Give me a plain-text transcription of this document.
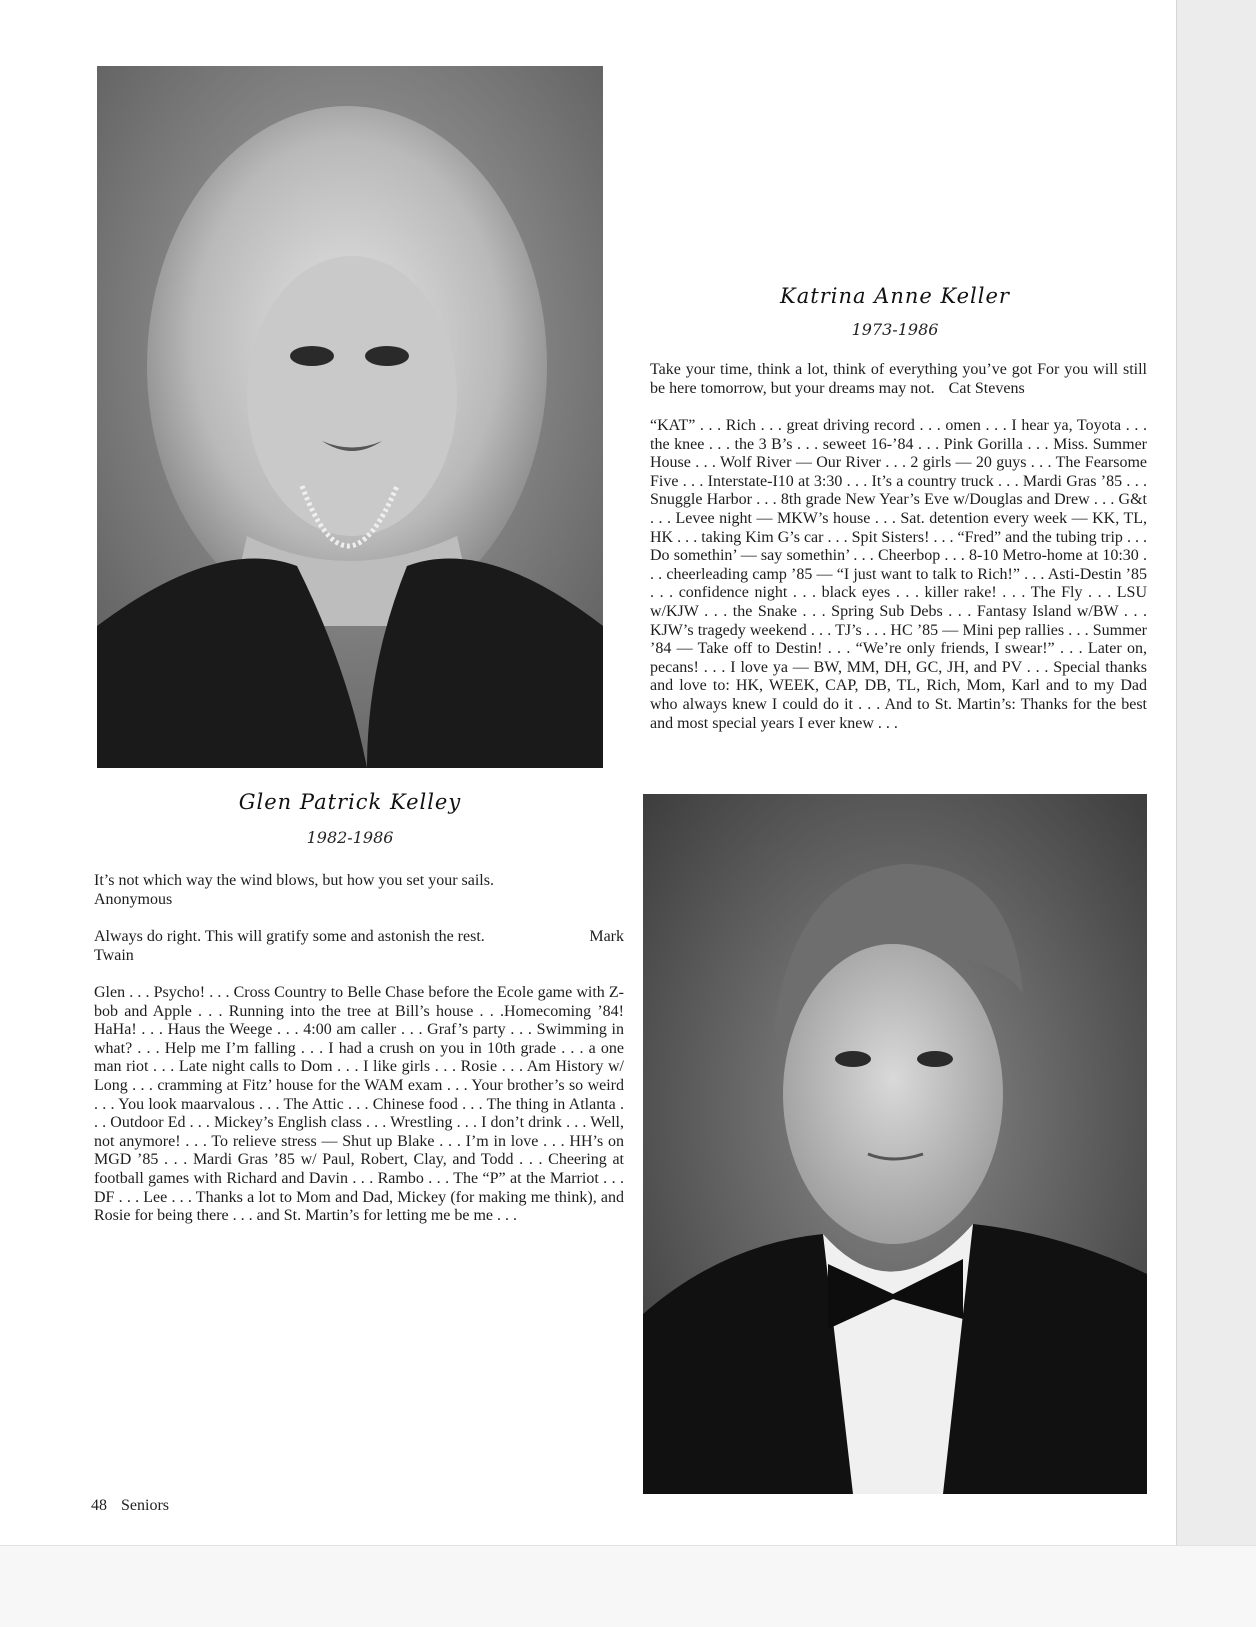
Katrina Anne Keller
1973-1986
Take your time, think a lot, think of everything you’ve got For you will still be here tomorrow, but your dreams may not. Cat Stevens
“KAT” . . . Rich . . . great driving record . . . omen . . . I hear ya, Toyota . . . the knee . . . the 3 B’s . . . seweet 16-’84 . . . Pink Gorilla . . . Miss. Summer House . . . Wolf River — Our River . . . 2 girls — 20 guys . . . The Fearsome Five . . . Interstate-I10 at 3:30 . . . It’s a country truck . . . Mardi Gras ’85 . . . Snuggle Harbor . . . 8th grade New Year’s Eve w/Douglas and Drew . . . G&t . . . Levee night — MKW’s house . . . Sat. detention every week — KK, TL, HK . . . taking Kim G’s car . . . Spit Sisters! . . . “Fred” and the tubing trip . . . Do somethin’ — say somethin’ . . . Cheerbop . . . 8-10 Metro-home at 10:30 . . . cheerleading camp ’85 — “I just want to talk to Rich!” . . . Asti-Destin ’85 . . . confidence night . . . black eyes . . . killer rake! . . . The Fly . . . LSU w/KJW . . . the Snake . . . Spring Sub Debs . . . Fantasy Island w/BW . . . KJW’s tragedy weekend . . . TJ’s . . . HC ’85 — Mini pep rallies . . . Summer ’84 — Take off to Destin! . . . “We’re only friends, I swear!” . . . Later on, pecans! . . . I love ya — BW, MM, DH, GC, JH, and PV . . . Special thanks and love to: HK, WEEK, CAP, DB, TL, Rich, Mom, Karl and to my Dad who always knew I could do it . . . And to St. Martin’s: Thanks for the best and most special years I ever knew . . .
Glen Patrick Kelley
1982-1986
It’s not which way the wind blows, but how you set your sails.
Anonymous
Always do right. This will gratify some and astonish the rest.	Mark
Twain
Glen . . . Psycho! . . . Cross Country to Belle Chase before the Ecole game with Z-bob and Apple . . . Running into the tree at Bill’s house . . .Homecoming ’84! HaHa! . . . Haus the Weege . . . 4:00 am caller . . . Graf’s party . . . Swimming in what? . . . Help me I’m falling . . . I had a crush on you in 10th grade . . . a one man riot . . . Late night calls to Dom . . . I like girls . . . Rosie . . . Am History w/ Long . . . cramming at Fitz’ house for the WAM exam . . . Your brother’s so weird . . . You look maarvalous . . . The Attic . . . Chinese food . . . The thing in Atlanta . . . Outdoor Ed . . . Mickey’s English class . . . Wrestling . . . I don’t drink . . . Well, not anymore! . . . To relieve stress — Shut up Blake . . . I’m in love . . . HH’s on MGD ’85 . . . Mardi Gras ’85 w/ Paul, Robert, Clay, and Todd . . . Cheering at football games with Richard and Davin . . . Rambo . . . The “P” at the Marriot . . . DF . . . Lee . . . Thanks a lot to Mom and Dad, Mickey (for making me think), and Rosie for being there . . . and St. Martin’s for letting me be me . . .
48 Seniors
